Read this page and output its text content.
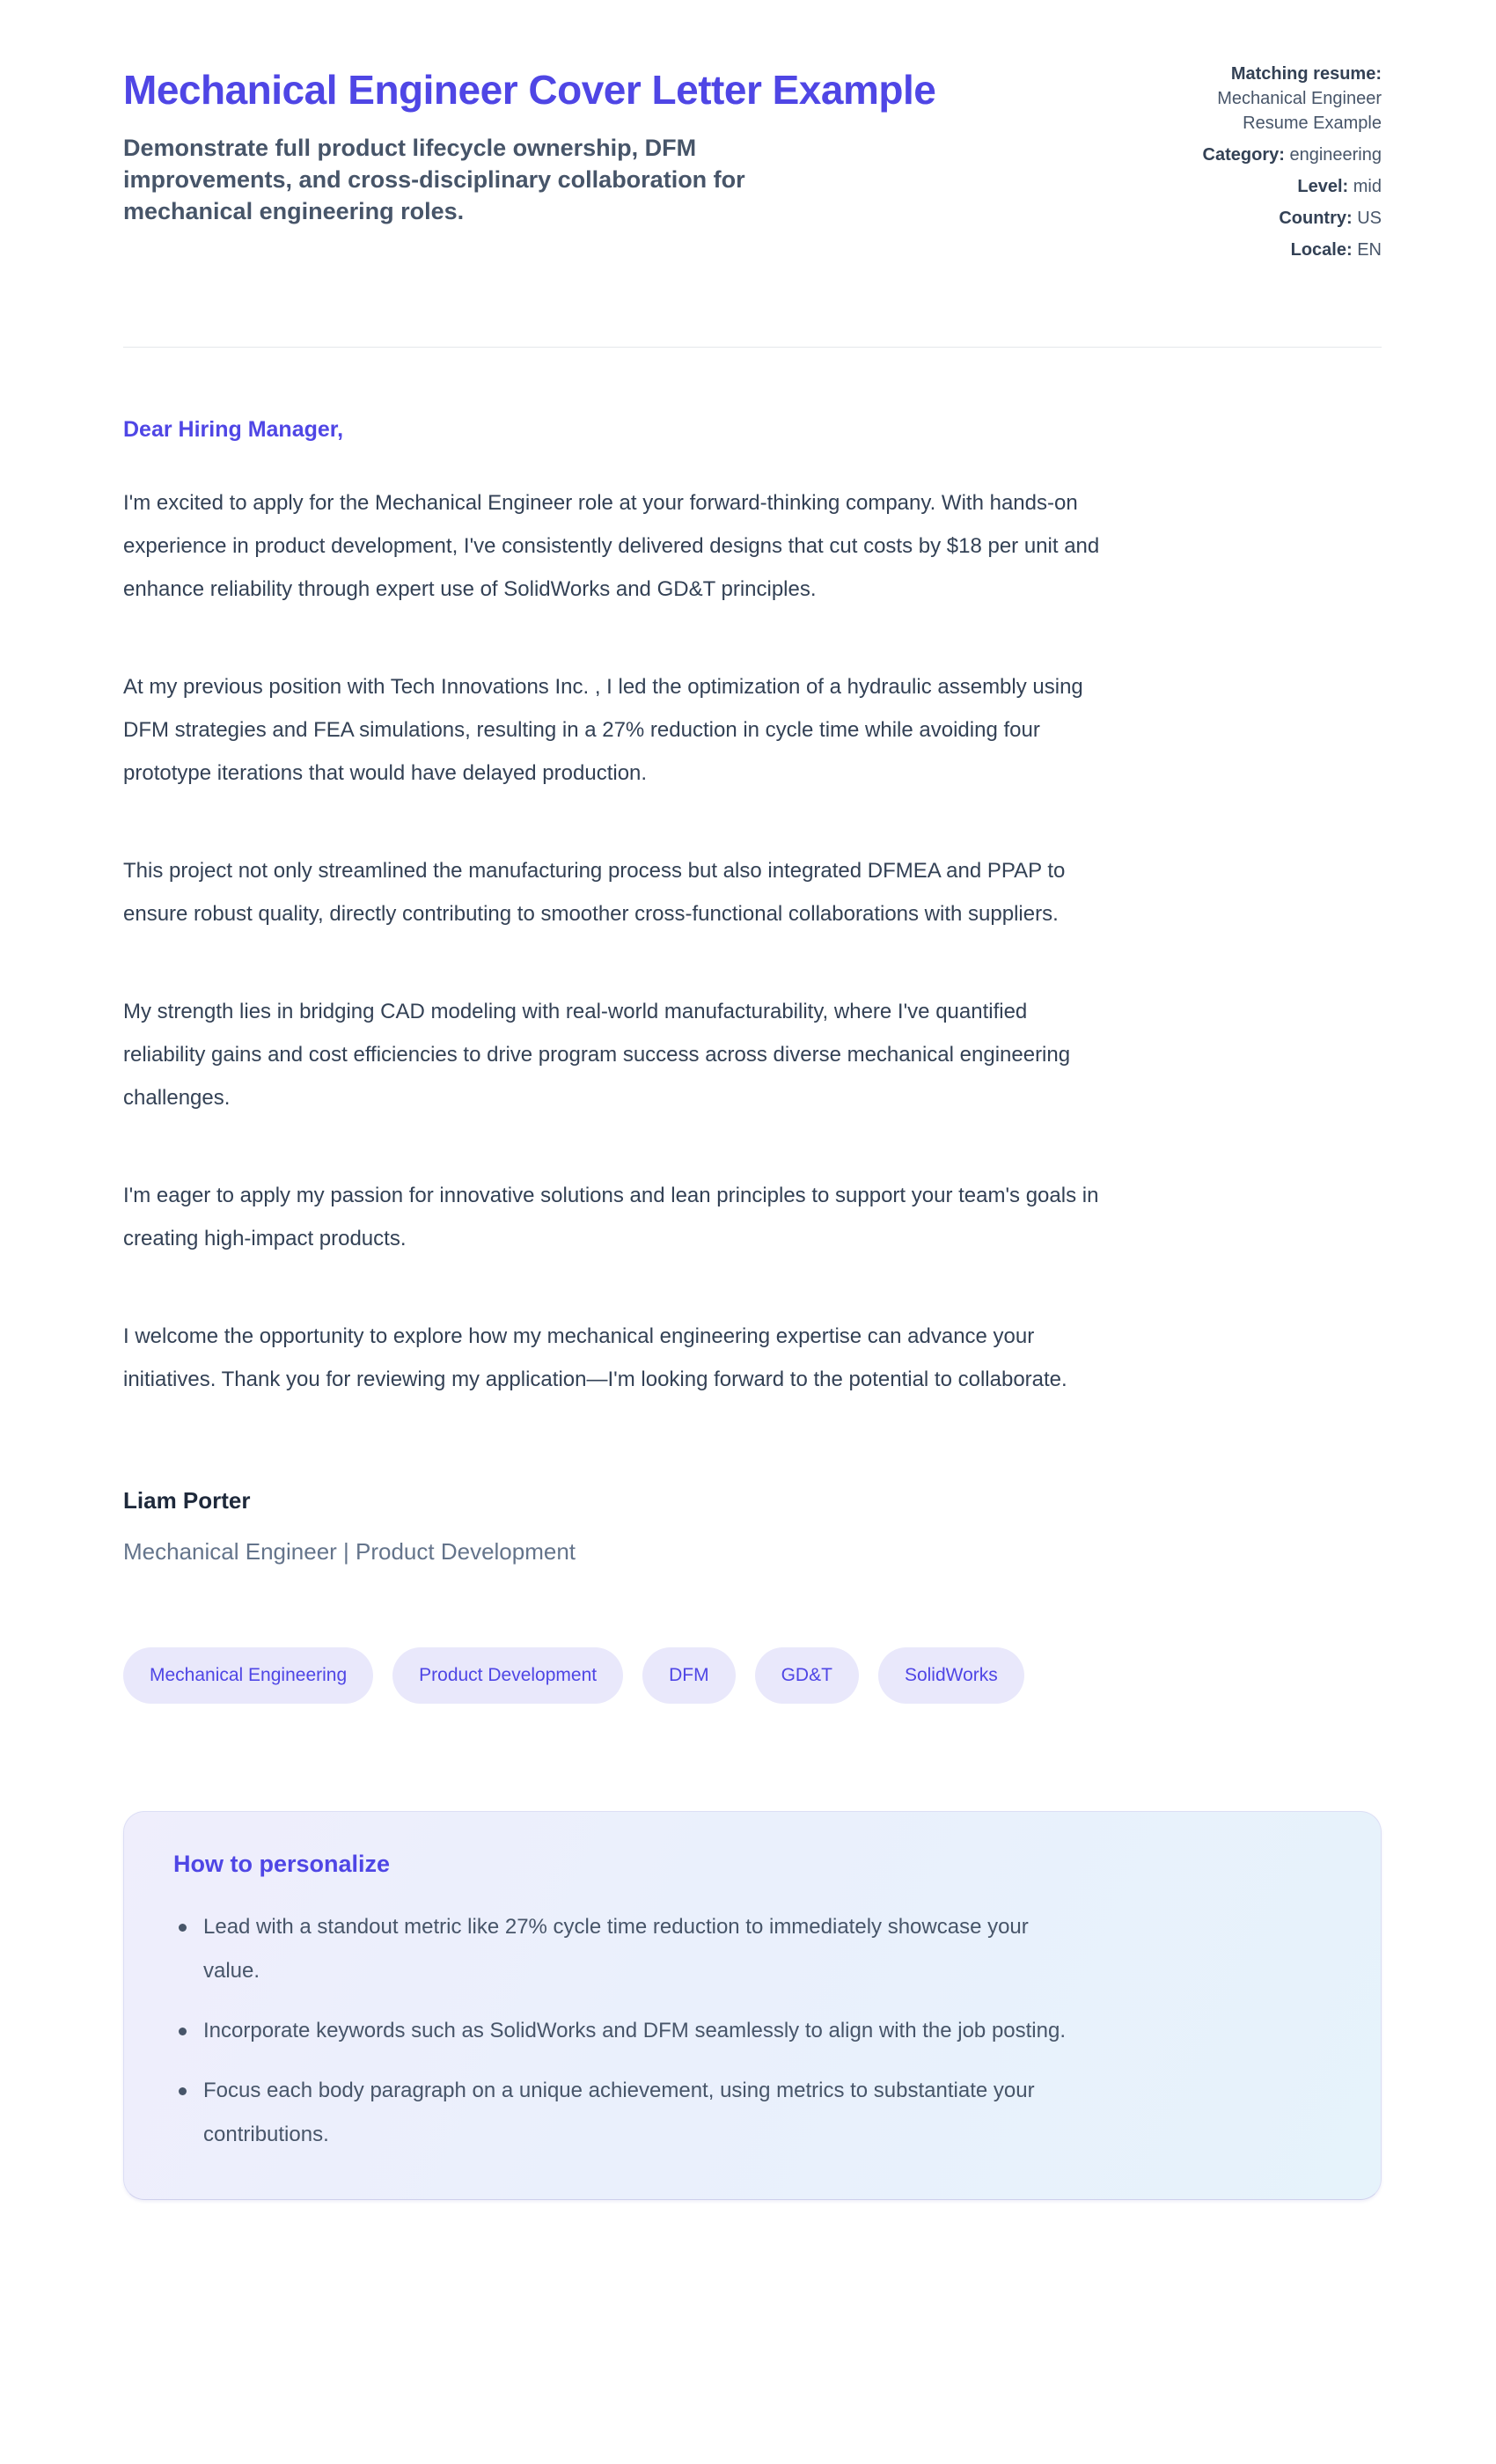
Mechanical Engineer Cover Letter Example
Demonstrate full product lifecycle ownership, DFM improvements, and cross-disciplinary collaboration for mechanical engineering roles.
Matching resume: Mechanical Engineer Resume Example
Category: engineering
Level: mid
Country: US
Locale: EN
Dear Hiring Manager,

I'm excited to apply for the Mechanical Engineer role at your forward-thinking company. With hands-on experience in product development, I've consistently delivered designs that cut costs by $18 per unit and enhance reliability through expert use of SolidWorks and GD&T principles.

At my previous position with Tech Innovations Inc. , I led the optimization of a hydraulic assembly using DFM strategies and FEA simulations, resulting in a 27% reduction in cycle time while avoiding four prototype iterations that would have delayed production.

This project not only streamlined the manufacturing process but also integrated DFMEA and PPAP to ensure robust quality, directly contributing to smoother cross-functional collaborations with suppliers.

My strength lies in bridging CAD modeling with real-world manufacturability, where I've quantified reliability gains and cost efficiencies to drive program success across diverse mechanical engineering challenges.

I'm eager to apply my passion for innovative solutions and lean principles to support your team's goals in creating high-impact products.

I welcome the opportunity to explore how my mechanical engineering expertise can advance your initiatives. Thank you for reviewing my application—I'm looking forward to the potential to collaborate.

Liam Porter
Mechanical Engineer | Product Development
Mechanical Engineering	Product Development	DFM	GD&T	SolidWorks
How to personalize
Lead with a standout metric like 27% cycle time reduction to immediately showcase your value.
Incorporate keywords such as SolidWorks and DFM seamlessly to align with the job posting.
Focus each body paragraph on a unique achievement, using metrics to substantiate your contributions.
